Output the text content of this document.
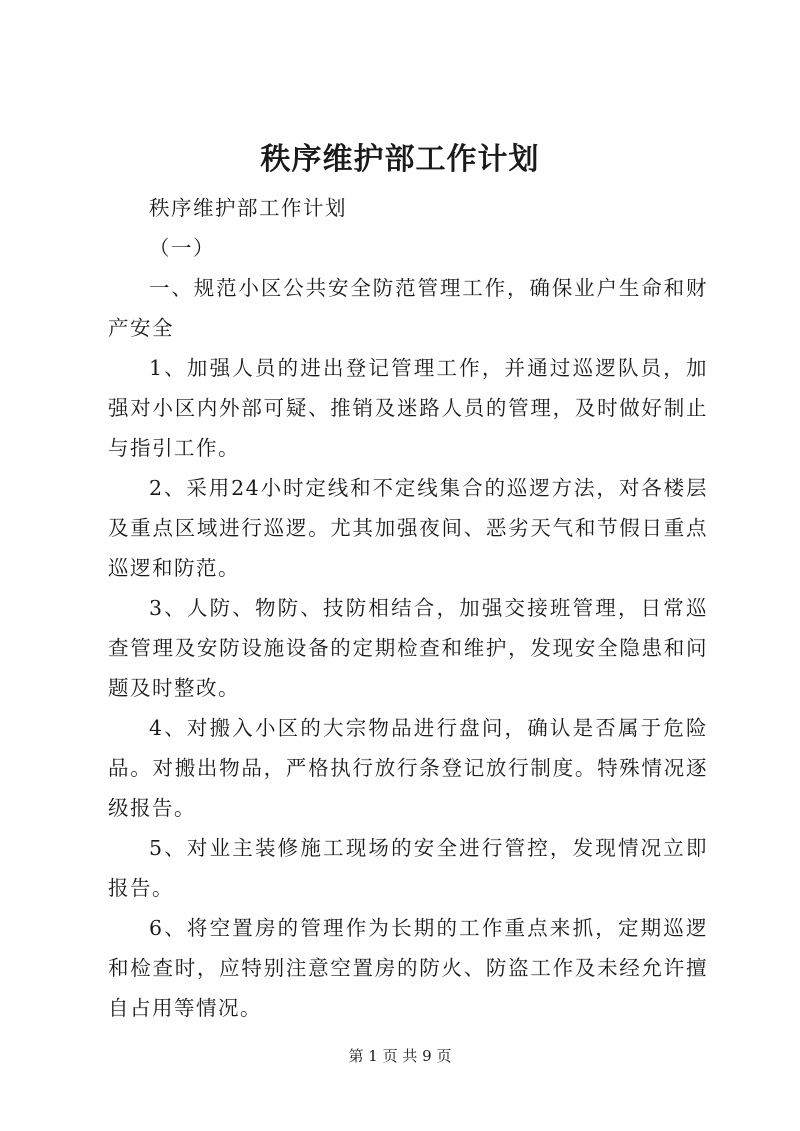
秩序维护部工作计划

秩序维护部工作计划

（一）

一、规范小区公共安全防范管理工作，确保业户生命和财产安全

1、加强人员的进出登记管理工作，并通过巡逻队员，加强对小区内外部可疑、推销及迷路人员的管理，及时做好制止与指引工作。

2、采用24小时定线和不定线集合的巡逻方法，对各楼层及重点区域进行巡逻。尤其加强夜间、恶劣天气和节假日重点巡逻和防范。

3、人防、物防、技防相结合，加强交接班管理，日常巡查管理及安防设施设备的定期检查和维护，发现安全隐患和问题及时整改。

4、对搬入小区的大宗物品进行盘问，确认是否属于危险品。对搬出物品，严格执行放行条登记放行制度。特殊情况逐级报告。

5、对业主装修施工现场的安全进行管控，发现情况立即报告。

6、将空置房的管理作为长期的工作重点来抓，定期巡逻和检查时，应特别注意空置房的防火、防盗工作及未经允许擅自占用等情况。

第 1 页 共 9 页
